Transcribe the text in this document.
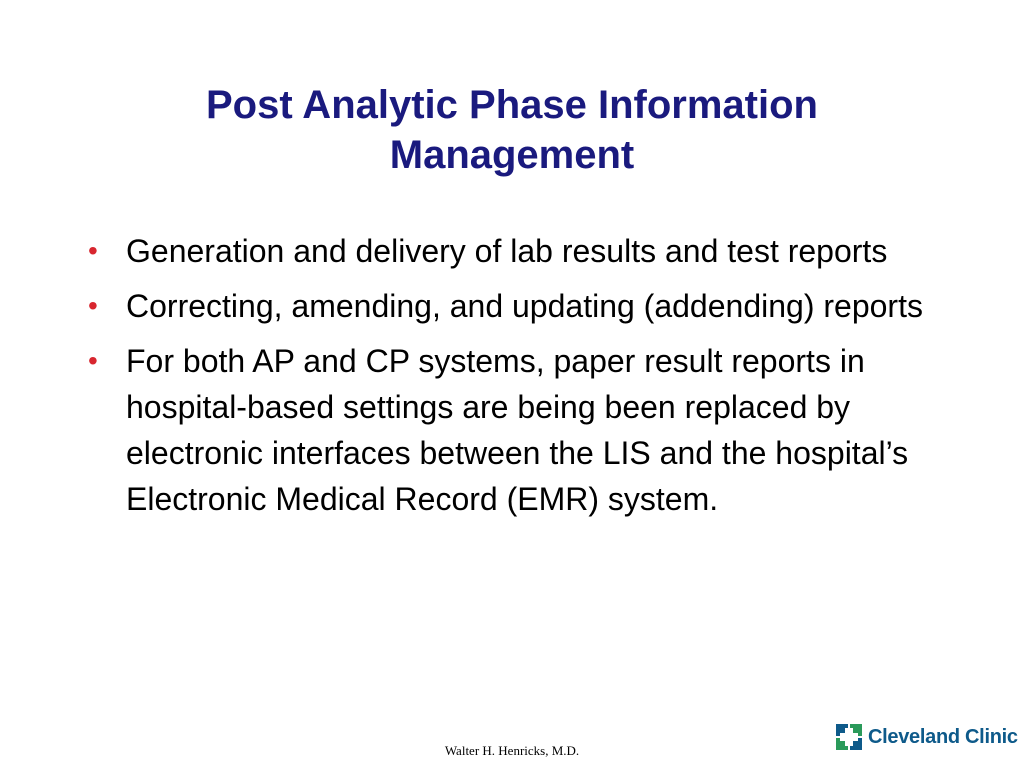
Post Analytic Phase Information
Management
• Generation and delivery of lab results and test reports
• Correcting, amending, and updating (addending) reports
• For both AP and CP systems, paper result reports in hospital-based settings are being been replaced by electronic interfaces between the LIS and the hospital’s Electronic Medical Record (EMR) system.
Walter H. Henricks, M.D.
Cleveland Clinic
